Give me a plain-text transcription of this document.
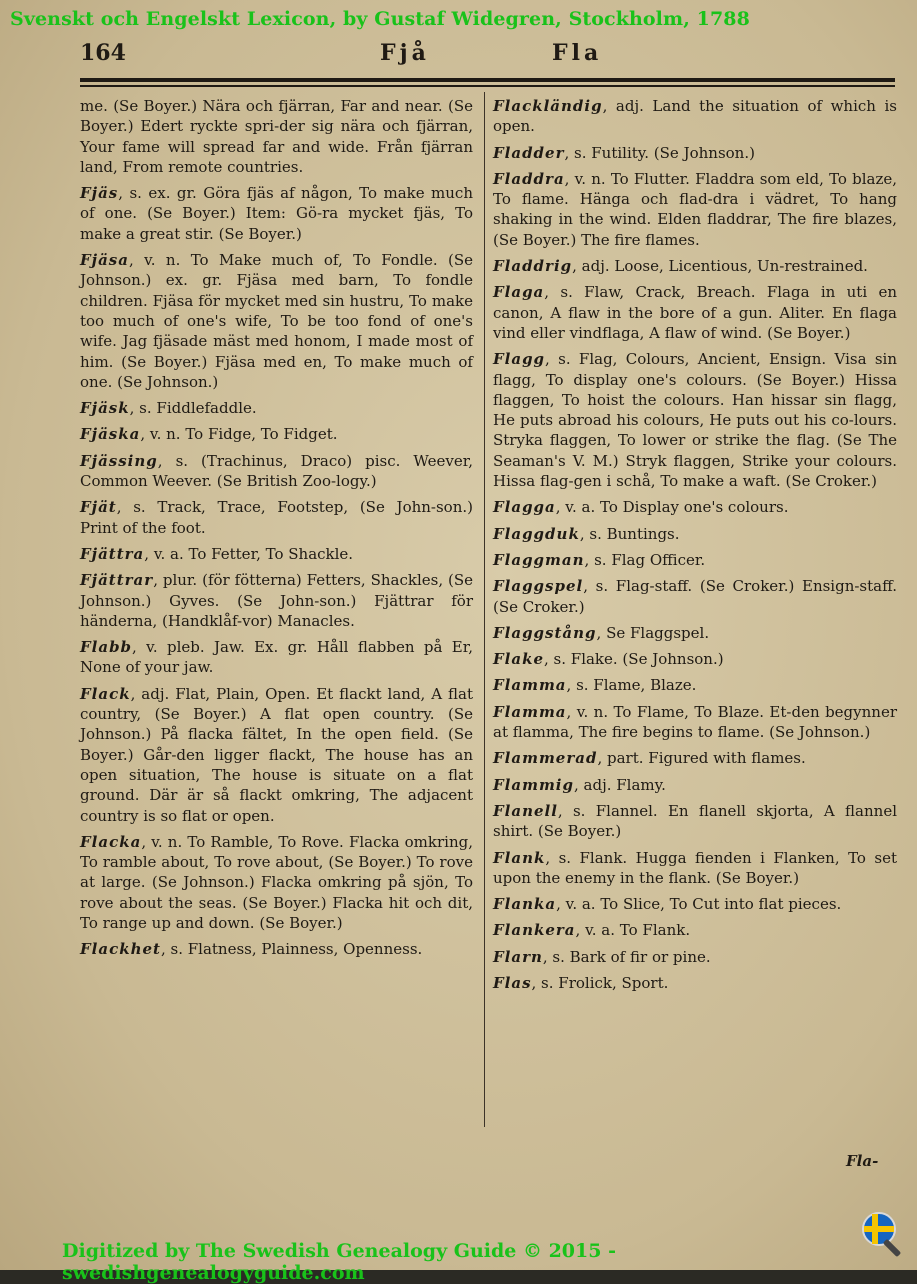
Svenskt och Engelskt Lexicon, by Gustaf Widegren, Stockholm, 1788
164	Fjå	Fla
me. (Se Boyer.) Nära och fjärran, Far and near. (Se Boyer.) Edert ryckte spri-der sig nära och fjärran, Your fame will spread far and wide. Från fjärran land, From remote countries.
Fjäs, s. ex. gr. Göra fjäs af någon, To make much of one. (Se Boyer.) Item: Gö-ra mycket fjäs, To make a great stir. (Se Boyer.)
Fjäsa, v. n. To Make much of, To Fondle. (Se Johnson.) ex. gr. Fjäsa med barn, To fondle children. Fjäsa för mycket med sin hustru, To make too much of one's wife, To be too fond of one's wife. Jag fjäsade mäst med honom, I made most of him. (Se Boyer.) Fjäsa med en, To make much of one. (Se Johnson.)
Fjäsk, s. Fiddlefaddle.
Fjäska, v. n. To Fidge, To Fidget.
Fjässing, s. (Trachinus, Draco) pisc. Weever, Common Weever. (Se British Zoo-logy.)
Fjät, s. Track, Trace, Footstep, (Se John-son.) Print of the foot.
Fjättra, v. a. To Fetter, To Shackle.
Fjättrar, plur. (för fötterna) Fetters, Shackles, (Se Johnson.) Gyves. (Se John-son.) Fjättrar för händerna, (Handklåf-vor) Manacles.
Flabb, v. pleb. Jaw. Ex. gr. Håll flabben på Er, None of your jaw.
Flack, adj. Flat, Plain, Open. Et flackt land, A flat country, (Se Boyer.) A flat open country. (Se Johnson.) På flacka fältet, In the open field. (Se Boyer.) Går-den ligger flackt, The house has an open situation, The house is situate on a flat ground. Där är så flackt omkring, The adjacent country is so flat or open.
Flacka, v. n. To Ramble, To Rove. Flacka omkring, To ramble about, To rove about, (Se Boyer.) To rove at large. (Se Johnson.) Flacka omkring på sjön, To rove about the seas. (Se Boyer.) Flacka hit och dit, To range up and down. (Se Boyer.)
Flackhet, s. Flatness, Plainness, Openness.
Flackländig, adj. Land the situation of which is open.
Fladder, s. Futility. (Se Johnson.)
Fladdra, v. n. To Flutter. Fladdra som eld, To blaze, To flame. Hänga och flad-dra i vädret, To hang shaking in the wind. Elden fladdrar, The fire blazes, (Se Boyer.) The fire flames.
Fladdrig, adj. Loose, Licentious, Un-restrained.
Flaga, s. Flaw, Crack, Breach. Flaga in uti en canon, A flaw in the bore of a gun. Aliter. En flaga vind eller vindflaga, A flaw of wind. (Se Boyer.)
Flagg, s. Flag, Colours, Ancient, Ensign. Visa sin flagg, To display one's colours. (Se Boyer.) Hissa flaggen, To hoist the colours. Han hissar sin flagg, He puts abroad his colours, He puts out his co-lours. Stryka flaggen, To lower or strike the flag. (Se The Seaman's V. M.) Stryk flaggen, Strike your colours. Hissa flag-gen i schå, To make a waft. (Se Croker.)
Flagga, v. a. To Display one's colours.
Flaggduk, s. Buntings.
Flaggman, s. Flag Officer.
Flaggspel, s. Flag-staff. (Se Croker.) Ensign-staff. (Se Croker.)
Flaggstång, Se Flaggspel.
Flake, s. Flake. (Se Johnson.)
Flamma, s. Flame, Blaze.
Flamma, v. n. To Flame, To Blaze. Et-den begynner at flamma, The fire begins to flame. (Se Johnson.)
Flammerad, part. Figured with flames.
Flammig, adj. Flamy.
Flanell, s. Flannel. En flanell skjorta, A flannel shirt. (Se Boyer.)
Flank, s. Flank. Hugga fienden i Flanken, To set upon the enemy in the flank. (Se Boyer.)
Flanka, v. a. To Slice, To Cut into flat pieces.
Flankera, v. a. To Flank.
Flarn, s. Bark of fir or pine.
Flas, s. Frolick, Sport.
Fla-
Digitized by The Swedish Genealogy Guide © 2015 - swedishgenealogyguide.com
